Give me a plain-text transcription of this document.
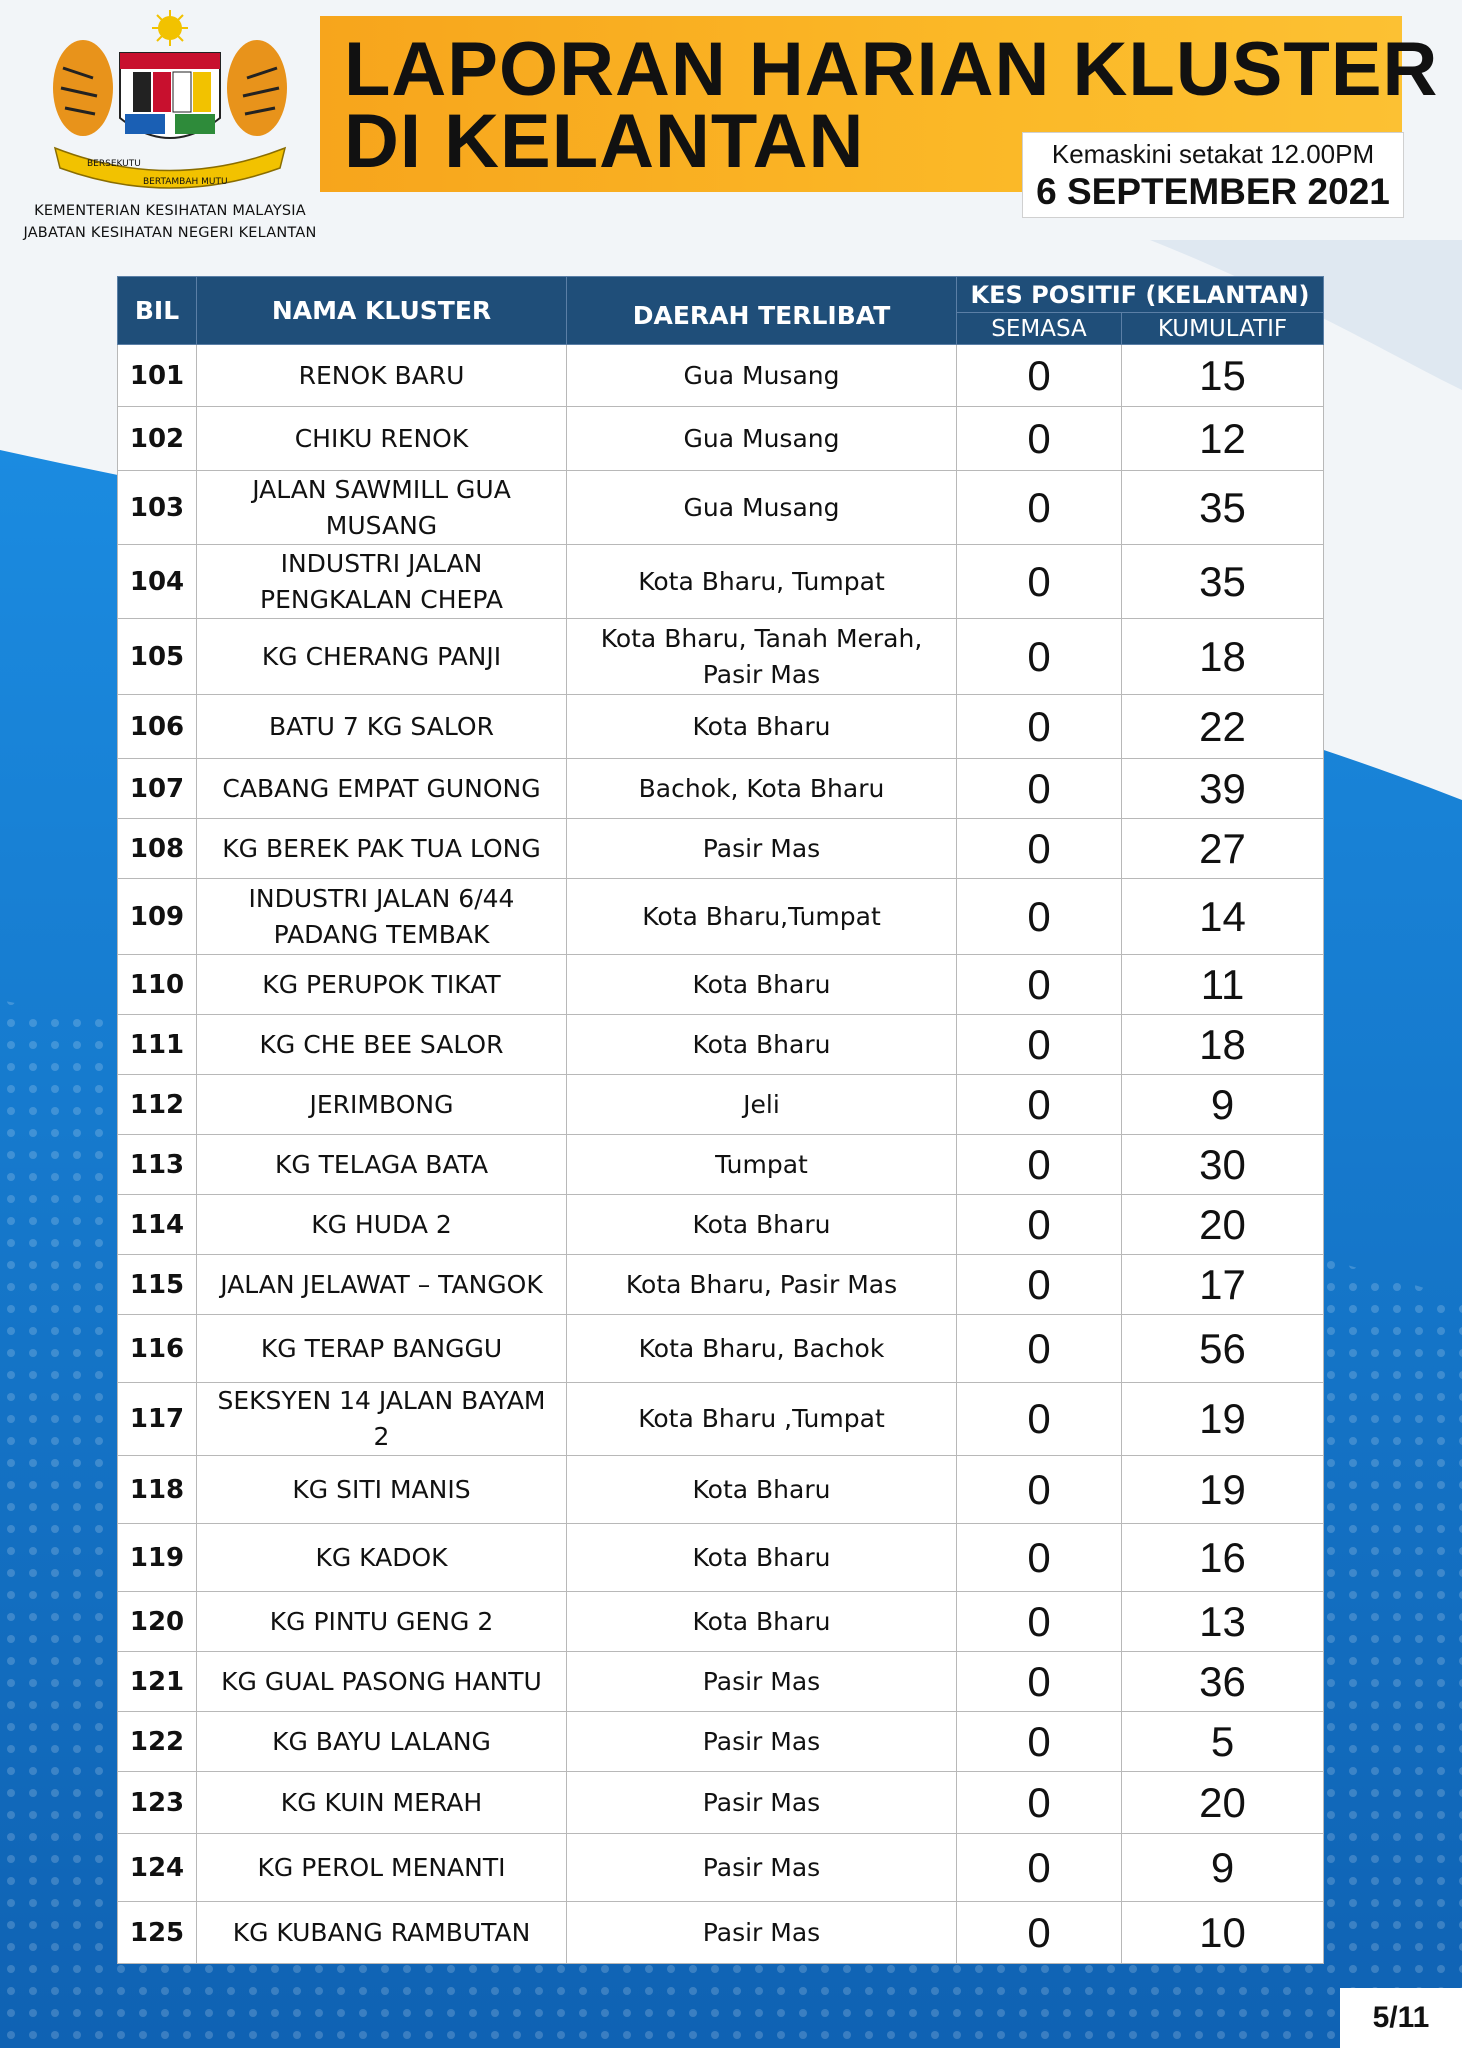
BERSEKUTU
BERTAMBAH MUTU
KEMENTERIAN KESIHATAN MALAYSIA
JABATAN KESIHATAN NEGERI KELANTAN
LAPORAN HARIAN KLUSTER
DI KELANTAN	Kemaskini setakat 12.00PM
6 SEPTEMBER 2021
BIL	NAMA KLUSTER	DAERAH TERLIBAT	KES POSITIF (KELANTAN)	
			SEMASA	KUMULATIF
101	RENOK BARU	Gua Musang	0	15
102	CHIKU RENOK	Gua Musang	0	12
103	JALAN SAWMILL GUA MUSANG	Gua Musang	0	35
104	INDUSTRI JALAN PENGKALAN CHEPA	Kota Bharu, Tumpat	0	35
105	KG CHERANG PANJI	Kota Bharu, Tanah Merah, Pasir Mas	0	18
106	BATU 7 KG SALOR	Kota Bharu	0	22
107	CABANG EMPAT GUNONG	Bachok, Kota Bharu	0	39
108	KG BEREK PAK TUA LONG	Pasir Mas	0	27
109	INDUSTRI JALAN 6/44 PADANG TEMBAK	Kota Bharu,Tumpat	0	14
110	KG PERUPOK TIKAT	Kota Bharu	0	11
111	KG CHE BEE SALOR	Kota Bharu	0	18
112	JERIMBONG	Jeli	0	9
113	KG TELAGA BATA	Tumpat	0	30
114	KG HUDA 2	Kota Bharu	0	20
115	JALAN JELAWAT – TANGOK	Kota Bharu, Pasir Mas	0	17
116	KG TERAP BANGGU	Kota Bharu, Bachok	0	56
117	SEKSYEN 14 JALAN BAYAM 2	Kota Bharu ,Tumpat	0	19
118	KG SITI MANIS	Kota Bharu	0	19
119	KG KADOK	Kota Bharu	0	16
120	KG PINTU GENG 2	Kota Bharu	0	13
121	KG GUAL PASONG HANTU	Pasir Mas	0	36
122	KG BAYU LALANG	Pasir Mas	0	5
123	KG KUIN MERAH	Pasir Mas	0	20
124	KG PEROL MENANTI	Pasir Mas	0	9
125	KG KUBANG RAMBUTAN	Pasir Mas	0	10
5/11
